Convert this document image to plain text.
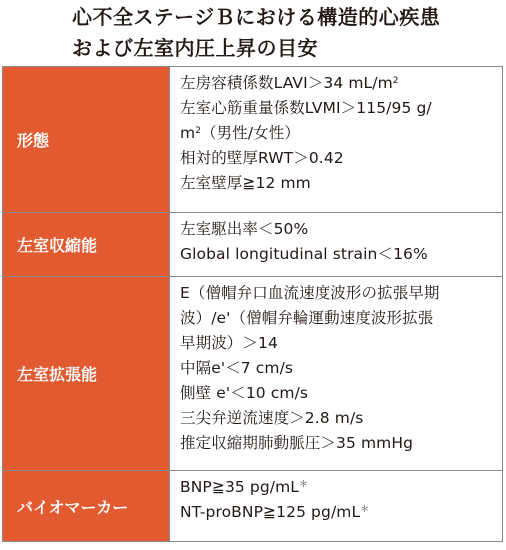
心不全ステージＢにおける構造的心疾患
および左室内圧上昇の目安
形態
左房容積係数LAVI＞34 $mL/m^2$
左室心筋重量係数LVMI＞115/95 g/
$m^2$（男性/女性）
相対的壁厚RWT＞0.42
左室壁厚≧12 mm
左室収縮能
左室駆出率＜50%
Global longitudinal strain＜16%
左室拡張能
E（僧帽弁口血流速度波形の拡張早期
波）/e'（僧帽弁輪運動速度波形拡張
早期波）＞14
中隔e'＜7 cm/s
側壁 e'＜10 cm/s
三尖弁逆流速度＞2.8 m/s
推定収縮期肺動脈圧＞35 mmHg
バイオマーカー
BNP≧35 pg/mL＊
NT-proBNP≧125 pg/mL＊
